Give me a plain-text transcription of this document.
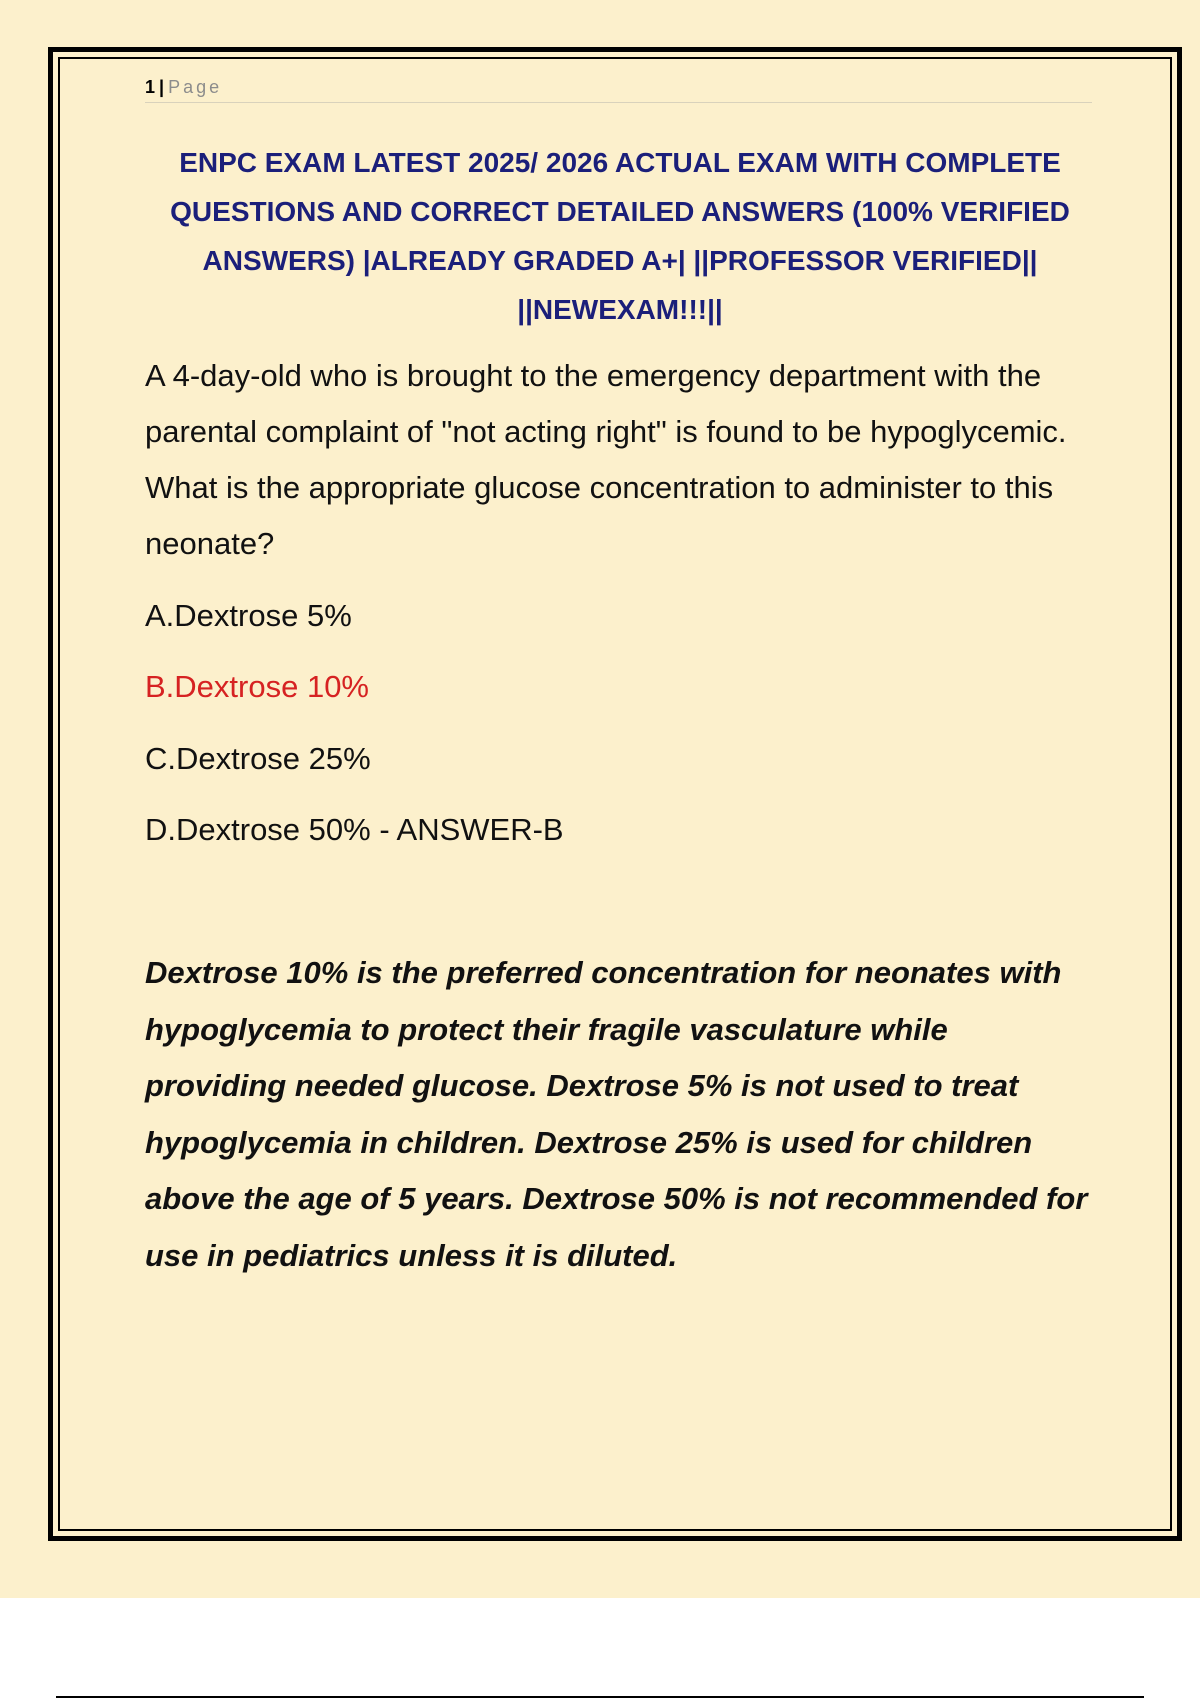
1 | Page
ENPC EXAM LATEST 2025/ 2026 ACTUAL EXAM WITH COMPLETE QUESTIONS AND CORRECT DETAILED ANSWERS (100% VERIFIED ANSWERS) |ALREADY GRADED A+| ||PROFESSOR VERIFIED|| ||NEWEXAM!!!||

A 4-day-old who is brought to the emergency department with the parental complaint of "not acting right" is found to be hypoglycemic. What is the appropriate glucose concentration to administer to this neonate?

A.Dextrose 5%

B.Dextrose 10%

C.Dextrose 25%

D.Dextrose 50% - ANSWER-B

Dextrose 10% is the preferred concentration for neonates with hypoglycemia to protect their fragile vasculature while providing needed glucose. Dextrose 5% is not used to treat hypoglycemia in children. Dextrose 25% is used for children above the age of 5 years. Dextrose 50% is not recommended for use in pediatrics unless it is diluted.
